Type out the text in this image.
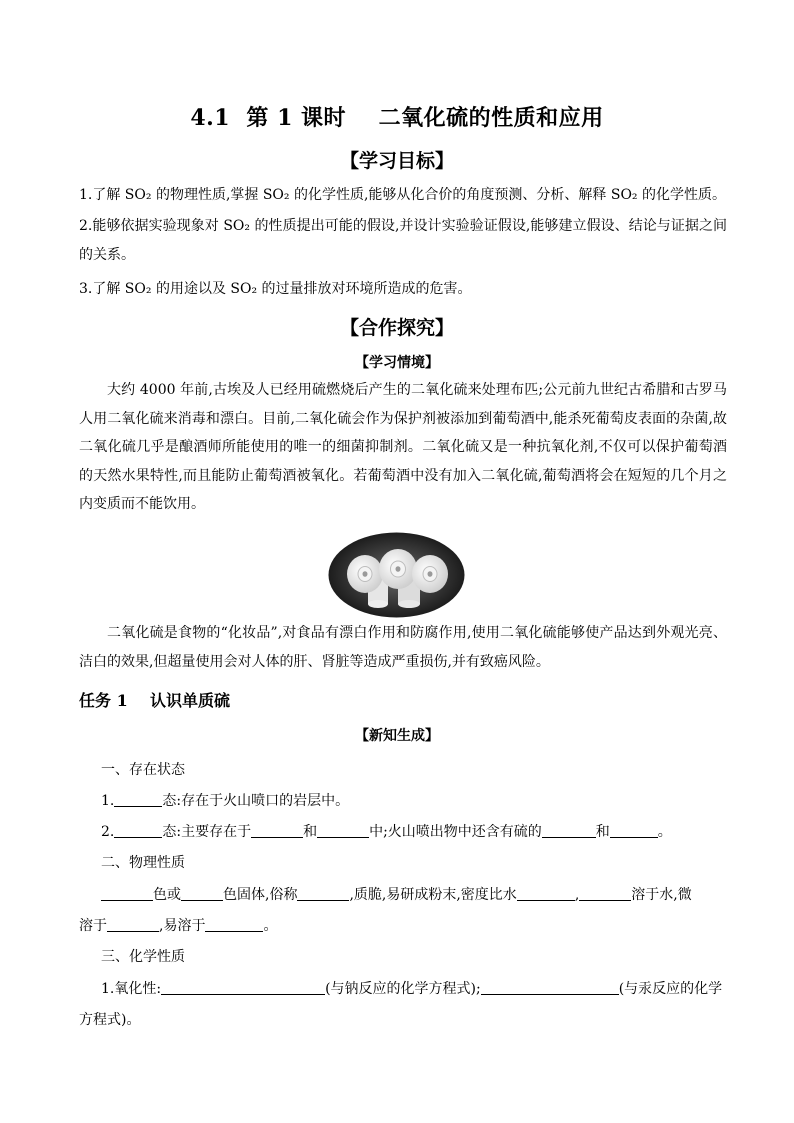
4.1  第 1 课时    二氧化硫的性质和应用
【学习目标】
1.了解 SO₂ 的物理性质,掌握 SO₂ 的化学性质,能够从化合价的角度预测、分析、解释 SO₂ 的化学性质。
2.能够依据实验现象对 SO₂ 的性质提出可能的假设,并设计实验验证假设,能够建立假设、结论与证据之间的关系。
3.了解 SO₂ 的用途以及 SO₂ 的过量排放对环境所造成的危害。
【合作探究】
【学习情境】
大约 4000 年前,古埃及人已经用硫燃烧后产生的二氧化硫来处理布匹;公元前九世纪古希腊和古罗马人用二氧化硫来消毒和漂白。目前,二氧化硫会作为保护剂被添加到葡萄酒中,能杀死葡萄皮表面的杂菌,故二氧化硫几乎是酿酒师所能使用的唯一的细菌抑制剂。二氧化硫又是一种抗氧化剂,不仅可以保护葡萄酒的天然水果特性,而且能防止葡萄酒被氧化。若葡萄酒中没有加入二氧化硫,葡萄酒将会在短短的几个月之内变质而不能饮用。
二氧化硫是食物的“化妆品”,对食品有漂白作用和防腐作用,使用二氧化硫能够使产品达到外观光亮、洁白的效果,但超量使用会对人体的肝、肾脏等造成严重损伤,并有致癌风险。
任务 1    认识单质硫
【新知生成】
一、存在状态
1.	态:存在于火山喷口的岩层中。
2.	态:主要存在于	和	中;火山喷出物中还含有硫的	和	。
二、物理性质
色或	色固体,俗称	,质脆,易研成粉末,密度比水	,	溶于水,微
溶于	,易溶于	。
三、化学性质
1.氧化性:	(与钠反应的化学方程式);	(与汞反应的化学
方程式)。
